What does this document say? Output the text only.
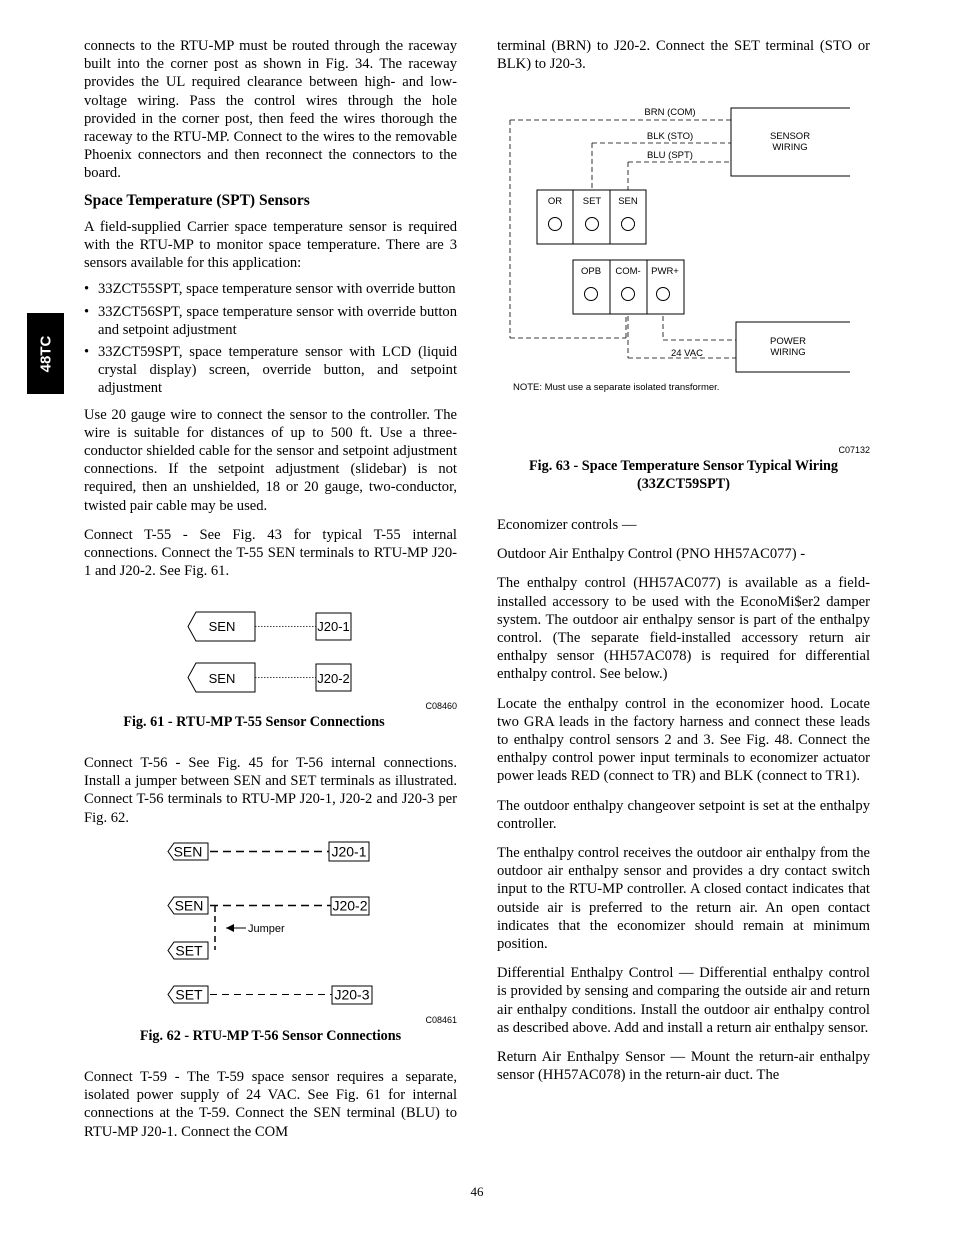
48TC

connects to the RTU-MP must be routed through the raceway built into the corner post as shown in Fig. 34. The raceway provides the UL required clearance between high- and low-voltage wiring. Pass the control wires through the hole provided in the corner post, then feed the wires thorough the raceway to the RTU-MP. Connect to the wires to the removable Phoenix connectors and then reconnect the connectors to the board.

Space Temperature (SPT) Sensors

A field-supplied Carrier space temperature sensor is required with the RTU-MP to monitor space temperature. There are 3 sensors available for this application:

• 33ZCT55SPT, space temperature sensor with override button
• 33ZCT56SPT, space temperature sensor with override button and setpoint adjustment
• 33ZCT59SPT, space temperature sensor with LCD (liquid crystal display) screen, override button, and setpoint adjustment

Use 20 gauge wire to connect the sensor to the controller. The wire is suitable for distances of up to 500 ft. Use a three-conductor shielded cable for the sensor and setpoint adjustment connections. If the setpoint adjustment (slidebar) is not required, then an unshielded, 18 or 20 gauge, two-conductor, twisted pair cable may be used.

Connect T-55 - See Fig. 43 for typical T-55 internal connections. Connect the T-55 SEN terminals to RTU-MP J20-1 and J20-2. See Fig. 61.

SEN	J20-1
SEN	J20-2
C08460
Fig. 61 - RTU-MP T-55 Sensor Connections

Connect T-56 - See Fig. 45 for T-56 internal connections. Install a jumper between SEN and SET terminals as illustrated. Connect T-56 terminals to RTU-MP J20-1, J20-2 and J20-3 per Fig. 62.

SEN	J20-1
SEN	J20-2
Jumper
SET
SET	J20-3
C08461
Fig. 62 - RTU-MP T-56 Sensor Connections

Connect T-59 - The T-59 space sensor requires a separate, isolated power supply of 24 VAC. See Fig. 61 for internal connections at the T-59. Connect the SEN terminal (BLU) to RTU-MP J20-1. Connect the COM

terminal (BRN) to J20-2. Connect the SET terminal (STO or BLK) to J20-3.

BRN (COM)
BLK (STO)
BLU (SPT)
SENSOR
WIRING
OR SET SEN
OPB COM- PWR+
24 VAC
POWER
WIRING
NOTE: Must use a separate isolated transformer.
C07132
Fig. 63 - Space Temperature Sensor Typical Wiring (33ZCT59SPT)

Economizer controls —

Outdoor Air Enthalpy Control (PNO HH57AC077) -

The enthalpy control (HH57AC077) is available as a field-installed accessory to be used with the EconoMi$er2 damper system. The outdoor air enthalpy sensor is part of the enthalpy control. (The separate field-installed accessory return air enthalpy sensor (HH57AC078) is required for differential enthalpy control. See below.)

Locate the enthalpy control in the economizer hood. Locate two GRA leads in the factory harness and connect these leads to enthalpy control sensors 2 and 3. See Fig. 48. Connect the enthalpy control power input terminals to economizer actuator power leads RED (connect to TR) and BLK (connect to TR1).

The outdoor enthalpy changeover setpoint is set at the enthalpy controller.

The enthalpy control receives the outdoor air enthalpy from the outdoor air enthalpy sensor and provides a dry contact switch input to the RTU-MP controller. A closed contact indicates that outside air is preferred to the return air. An open contact indicates that the economizer should remain at minimum position.

Differential Enthalpy Control — Differential enthalpy control is provided by sensing and comparing the outside air and return air enthalpy conditions. Install the outdoor air enthalpy control as described above. Add and install a return air enthalpy sensor.

Return Air Enthalpy Sensor — Mount the return-air enthalpy sensor (HH57AC078) in the return-air duct. The

46
